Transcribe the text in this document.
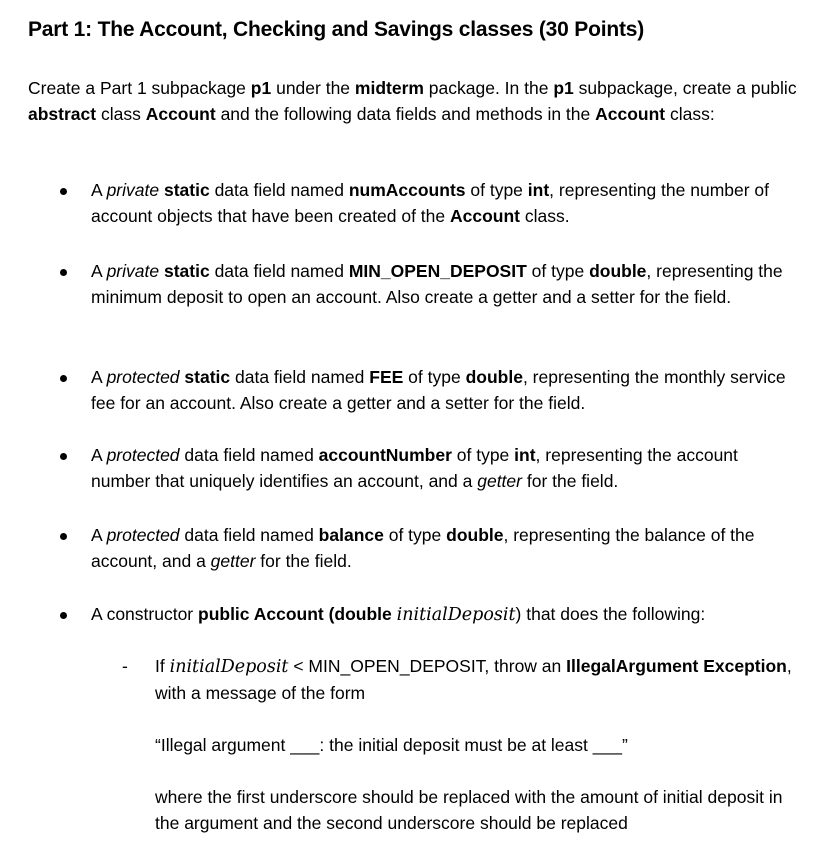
Part 1: The Account, Checking and Savings classes (30 Points)

Create a Part 1 subpackage p1 under the midterm package. In the p1 subpackage, create a public abstract class Account and the following data fields and methods in the Account class:

A private static data field named numAccounts of type int, representing the number of account objects that have been created of the Account class.
A private static data field named MIN_OPEN_DEPOSIT of type double, representing the minimum deposit to open an account. Also create a getter and a setter for the field.
A protected static data field named FEE of type double, representing the monthly service fee for an account. Also create a getter and a setter for the field.
A protected data field named accountNumber of type int, representing the account number that uniquely identifies an account, and a getter for the field.
A protected data field named balance of type double, representing the balance of the account, and a getter for the field.
A constructor public Account (double initialDeposit) that does the following:
- If initialDeposit < MIN_OPEN_DEPOSIT, throw an IllegalArgument Exception, with a message of the form

“Illegal argument ___: the initial deposit must be at least ___”

where the first underscore should be replaced with the amount of initial deposit in the argument and the second underscore should be replaced
